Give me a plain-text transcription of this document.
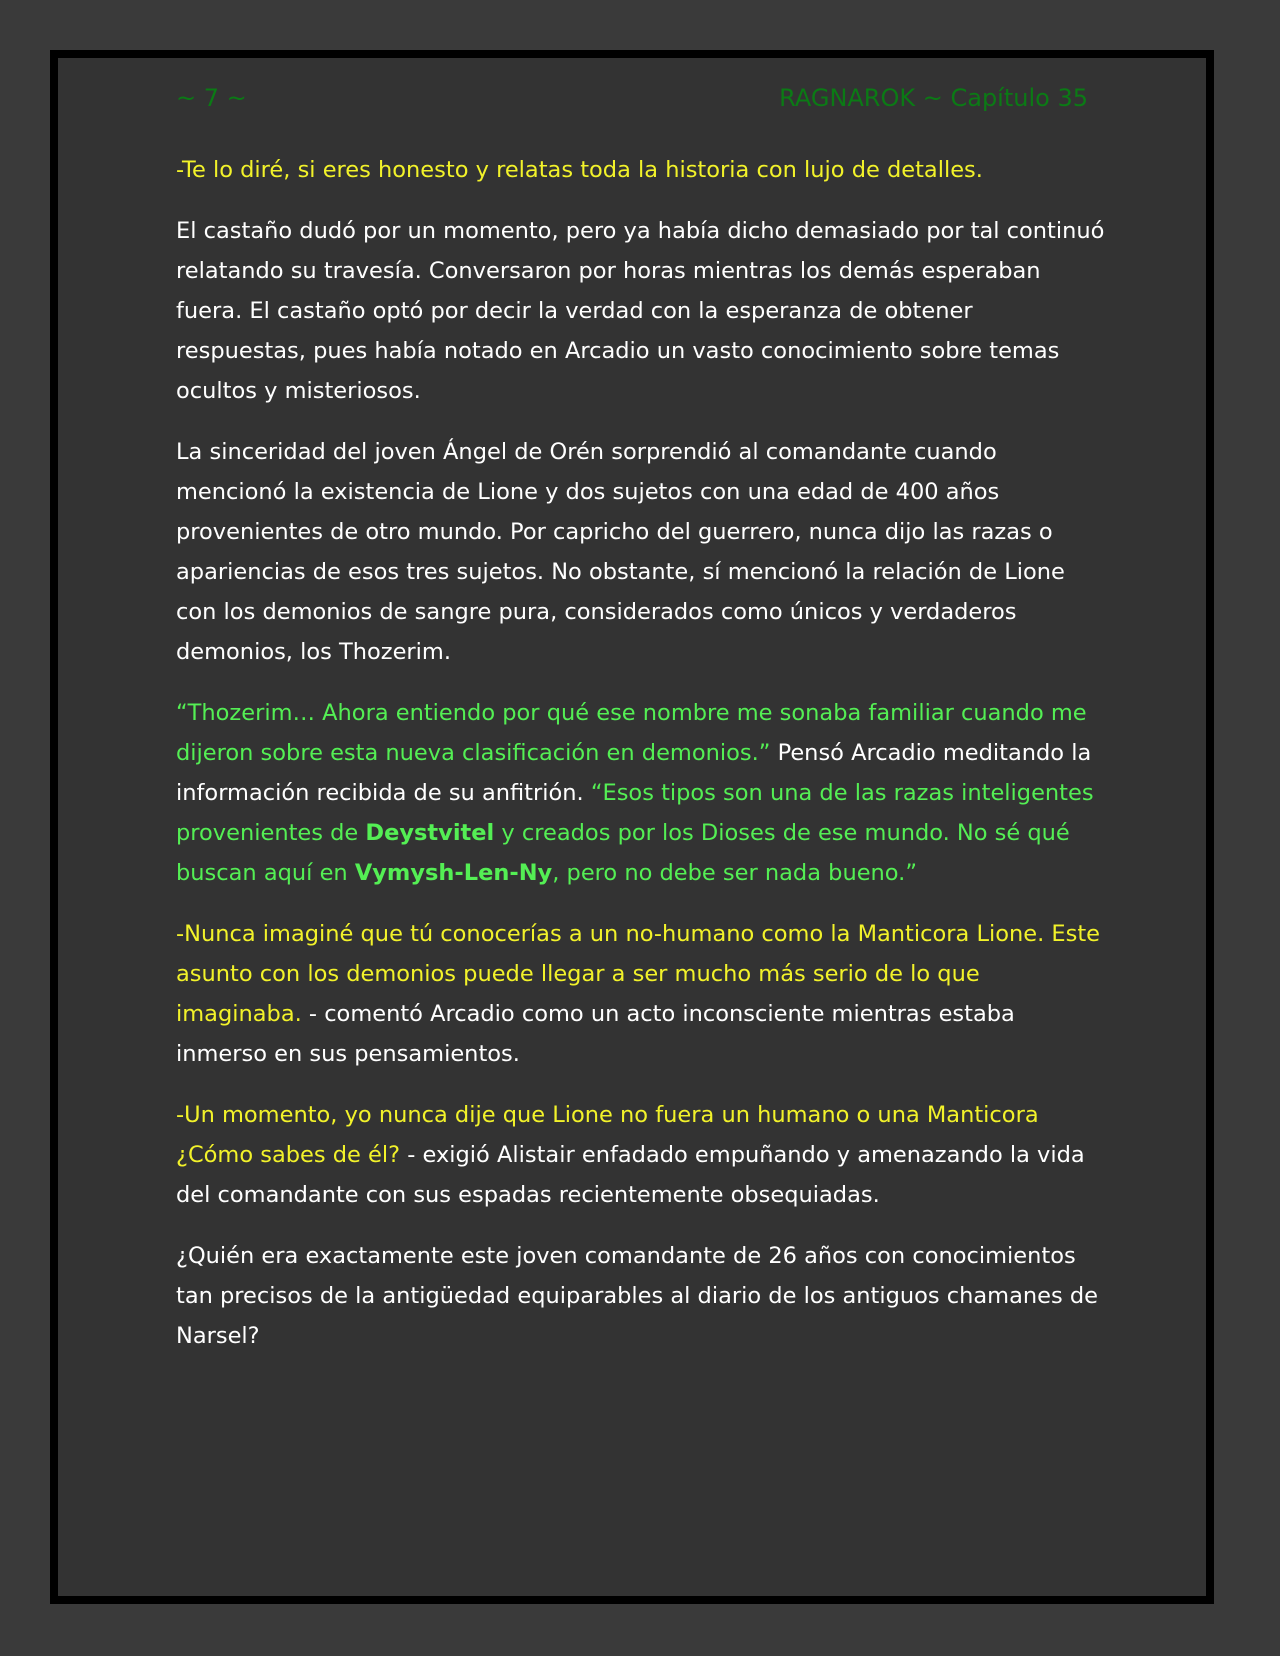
~ 7 ~	RAGNAROK ~ Capítulo 35

-Te lo diré, si eres honesto y relatas toda la historia con lujo de detalles.

El castaño dudó por un momento, pero ya había dicho demasiado por tal continuó relatando su travesía. Conversaron por horas mientras los demás esperaban fuera. El castaño optó por decir la verdad con la esperanza de obtener respuestas, pues había notado en Arcadio un vasto conocimiento sobre temas ocultos y misteriosos.

La sinceridad del joven Ángel de Orén sorprendió al comandante cuando mencionó la existencia de Lione y dos sujetos con una edad de 400 años provenientes de otro mundo. Por capricho del guerrero, nunca dijo las razas o apariencias de esos tres sujetos. No obstante, sí mencionó la relación de Lione con los demonios de sangre pura, considerados como únicos y verdaderos demonios, los Thozerim.

“Thozerim… Ahora entiendo por qué ese nombre me sonaba familiar cuando me dijeron sobre esta nueva clasificación en demonios.” Pensó Arcadio meditando la información recibida de su anfitrión. “Esos tipos son una de las razas inteligentes provenientes de Deystvitel y creados por los Dioses de ese mundo. No sé qué buscan aquí en Vymysh-Len-Ny, pero no debe ser nada bueno.”

-Nunca imaginé que tú conocerías a un no-humano como la Manticora Lione. Este asunto con los demonios puede llegar a ser mucho más serio de lo que imaginaba. - comentó Arcadio como un acto inconsciente mientras estaba inmerso en sus pensamientos.

-Un momento, yo nunca dije que Lione no fuera un humano o una Manticora ¿Cómo sabes de él? - exigió Alistair enfadado empuñando y amenazando la vida del comandante con sus espadas recientemente obsequiadas.

¿Quién era exactamente este joven comandante de 26 años con conocimientos tan precisos de la antigüedad equiparables al diario de los antiguos chamanes de Narsel?
